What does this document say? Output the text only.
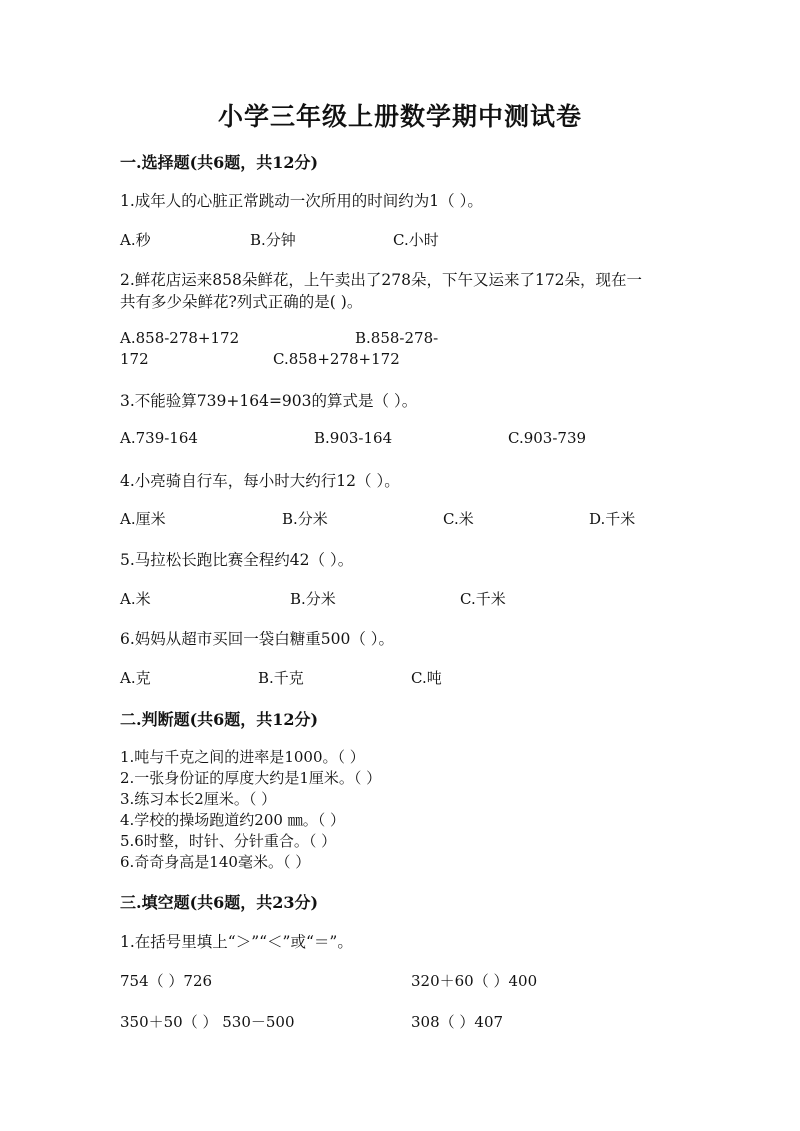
小学三年级上册数学期中测试卷
一.选择题(共6题，共12分)
1.成年人的心脏正常跳动一次所用的时间约为1（ ）。
A.秒	B.分钟	C.小时
2.鲜花店运来858朵鲜花，上午卖出了278朵，下午又运来了172朵，现在一
共有多少朵鲜花?列式正确的是( )。
A.858-278+172	B.858-278-
172	C.858+278+172
3.不能验算739+164=903的算式是（ ）。
A.739-164	B.903-164	C.903-739
4.小亮骑自行车，每小时大约行12（ ）。
A.厘米	B.分米	C.米	D.千米
5.马拉松长跑比赛全程约42（ ）。
A.米	B.分米	C.千米
6.妈妈从超市买回一袋白糖重500（ ）。
A.克	B.千克	C.吨
二.判断题(共6题，共12分)
1.吨与千克之间的进率是1000。（ ）
2.一张身份证的厚度大约是1厘米。（ ）
3.练习本长2厘米。（ ）
4.学校的操场跑道约200 ㎜。（ ）
5.6时整，时针、分针重合。（ ）
6.奇奇身高是140毫米。（ ）
三.填空题(共6题，共23分)
1.在括号里填上“＞”“＜”或“＝”。
754（ ）726	320＋60（ ）400
350＋50（ ） 530－500	308（ ）407
